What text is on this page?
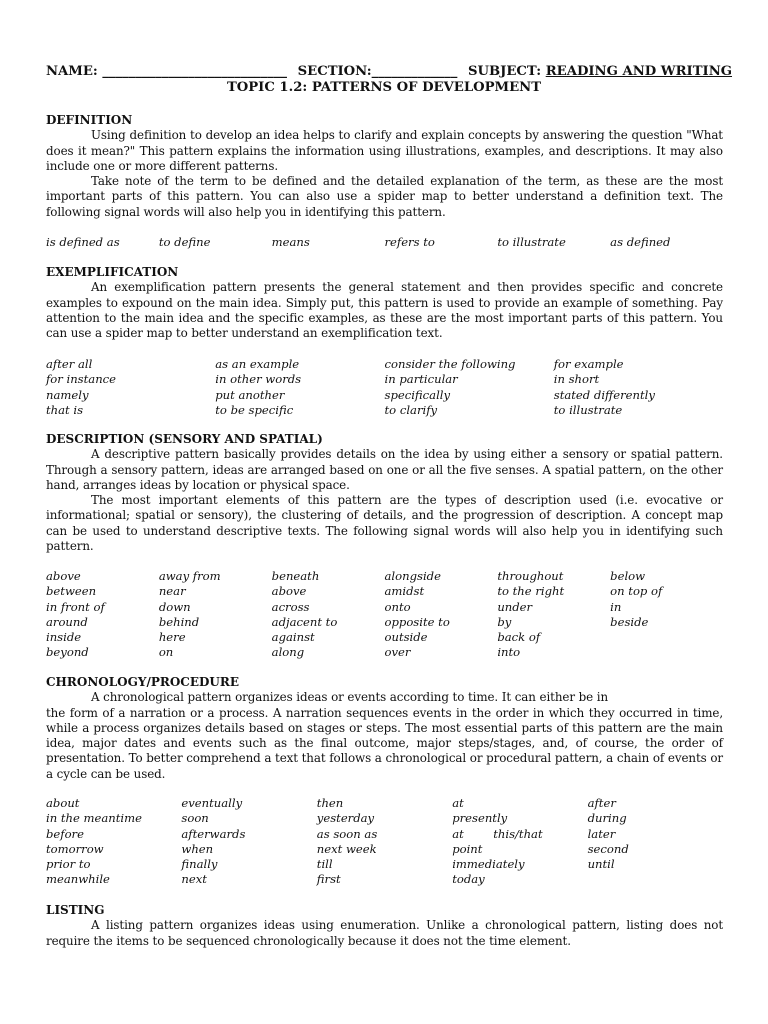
NAME: ____________________________ SECTION:_____________ SUBJECT: READING AND WRITING
TOPIC 1.2: PATTERNS OF DEVELOPMENT
DEFINITION

Using definition to develop an idea helps to clarify and explain concepts by answering the question "What does it mean?" This pattern explains the information using illustrations, examples, and descriptions. It may also include one or more different patterns.

Take note of the term to be defined and the detailed explanation of the term, as these are the most important parts of this pattern. You can also use a spider map to better understand a definition text. The following signal words will also help you in identifying this pattern.

is defined as	to define	means	refers to	to illustrate	as defined
EXEMPLIFICATION

An exemplification pattern presents the general statement and then provides specific and concrete examples to expound on the main idea. Simply put, this pattern is used to provide an example of something. Pay attention to the main idea and the specific examples, as these are the most important parts of this pattern. You can use a spider map to better understand an exemplification text.

after all	as an example	consider the following	for example
for instance	in other words	in particular	in short
namely	put another	specifically	stated differently
that is	to be specific	to clarify	to illustrate
DESCRIPTION (SENSORY AND SPATIAL)

A descriptive pattern basically provides details on the idea by using either a sensory or spatial pattern. Through a sensory pattern, ideas are arranged based on one or all the five senses. A spatial pattern, on the other hand, arranges ideas by location or physical space.

The most important elements of this pattern are the types of description used (i.e. evocative or informational; spatial or sensory), the clustering of details, and the progression of description. A concept map can be used to understand descriptive texts. The following signal words will also help you in identifying such pattern.

above	away from	beneath	alongside	throughout	below
between	near	above	amidst	to the right	on top of
in front of	down	across	onto	under	in
around	behind	adjacent to	opposite to	by	beside
inside	here	against	outside	back of
beyond	on	along	over	into
CHRONOLOGY/PROCEDURE

A chronological pattern organizes ideas or events according to time. It can either be in

the form of a narration or a process. A narration sequences events in the order in which they occurred in time, while a process organizes details based on stages or steps. The most essential parts of this pattern are the main idea, major dates and events such as the final outcome, major steps/stages, and, of course, the order of presentation. To better comprehend a text that follows a chronological or procedural pattern, a chain of events or a cycle can be used.

about	eventually	then	at	after
in the meantime	soon	yesterday	presently	during
before	afterwards	as soon as	at        this/that	later
tomorrow	when	next week	point	second
prior to	finally	till	immediately	until
meanwhile	next	first	today
LISTING

A listing pattern organizes ideas using enumeration. Unlike a chronological pattern, listing does not require the items to be sequenced chronologically because it does not the time element.
